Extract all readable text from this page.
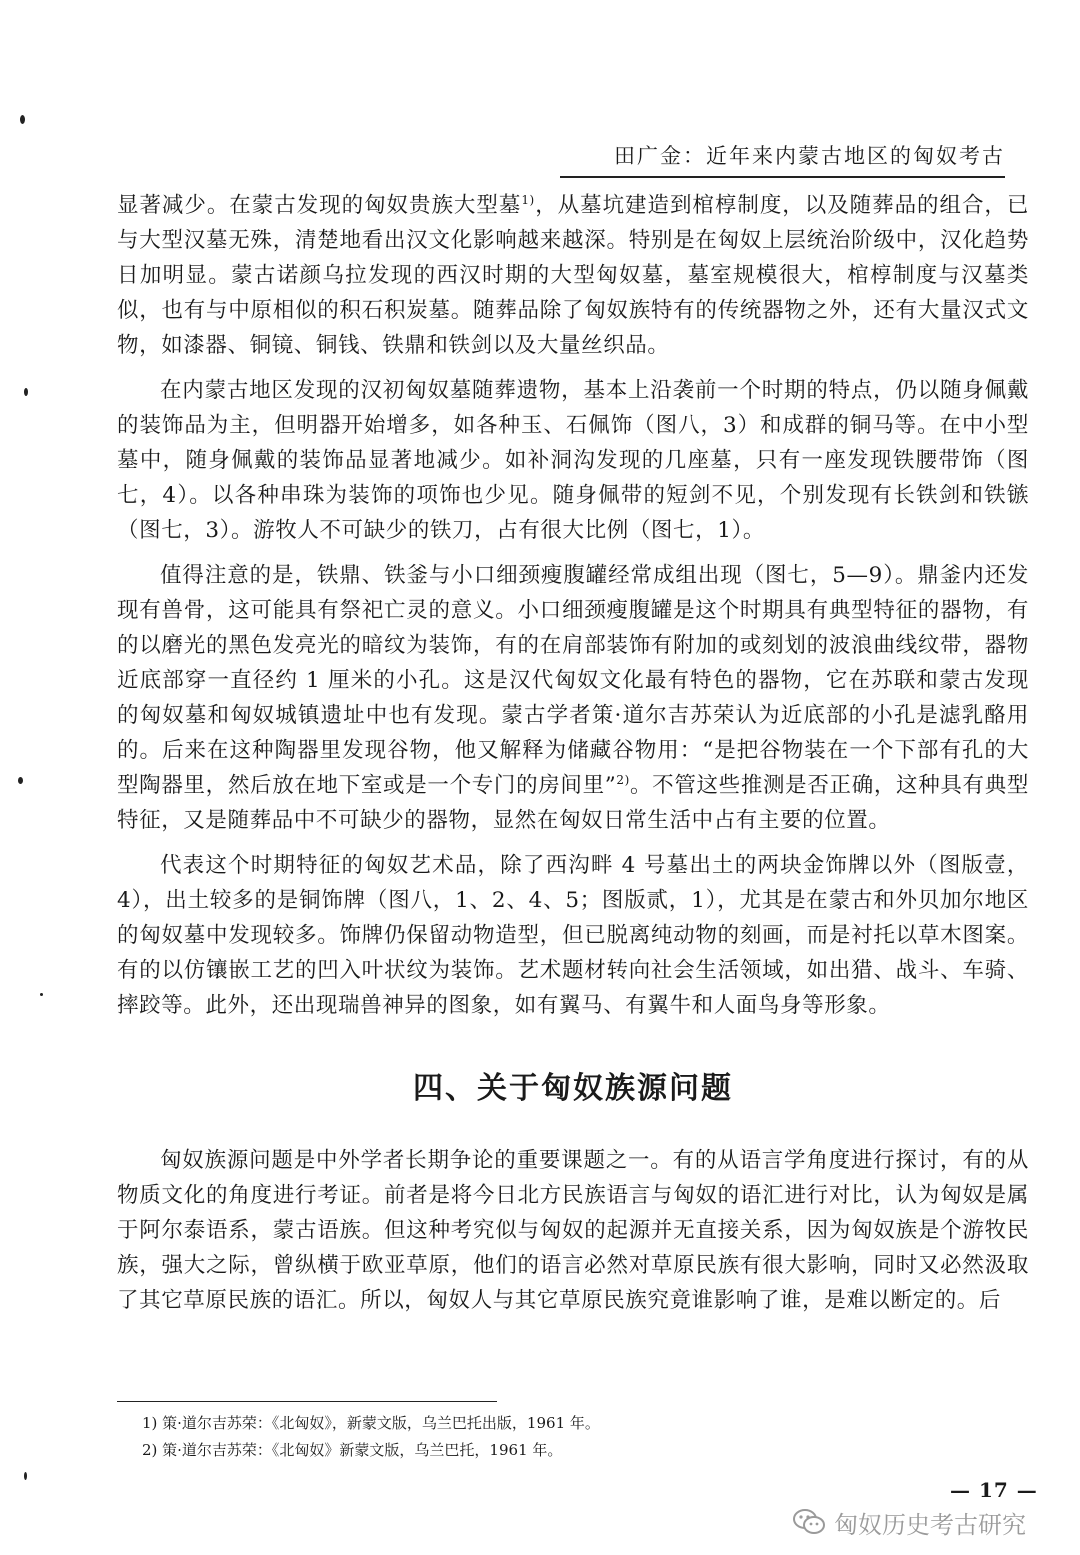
田广金：近年来内蒙古地区的匈奴考古

显著减少。在蒙古发现的匈奴贵族大型墓$^{1)}$，从墓坑建造到棺椁制度，以及随葬品的组合，已与大型汉墓无殊，清楚地看出汉文化影响越来越深。特别是在匈奴上层统治阶级中，汉化趋势日加明显。蒙古诺颜乌拉发现的西汉时期的大型匈奴墓，墓室规模很大，棺椁制度与汉墓类似，也有与中原相似的积石积炭墓。随葬品除了匈奴族特有的传统器物之外，还有大量汉式文物，如漆器、铜镜、铜钱、铁鼎和铁剑以及大量丝织品。

在内蒙古地区发现的汉初匈奴墓随葬遗物，基本上沿袭前一个时期的特点，仍以随身佩戴的装饰品为主，但明器开始增多，如各种玉、石佩饰（图八，3）和成群的铜马等。在中小型墓中，随身佩戴的装饰品显著地减少。如补洞沟发现的几座墓，只有一座发现铁腰带饰（图七，4）。以各种串珠为装饰的项饰也少见。随身佩带的短剑不见，个别发现有长铁剑和铁镞（图七，3）。游牧人不可缺少的铁刀，占有很大比例（图七，1）。

值得注意的是，铁鼎、铁釜与小口细颈瘦腹罐经常成组出现（图七，5—9）。鼎釜内还发现有兽骨，这可能具有祭祀亡灵的意义。小口细颈瘦腹罐是这个时期具有典型特征的器物，有的以磨光的黑色发亮光的暗纹为装饰，有的在肩部装饰有附加的或刻划的波浪曲线纹带，器物近底部穿一直径约 1 厘米的小孔。这是汉代匈奴文化最有特色的器物，它在苏联和蒙古发现的匈奴墓和匈奴城镇遗址中也有发现。蒙古学者策·道尔吉苏荣认为近底部的小孔是滤乳酪用的。后来在这种陶器里发现谷物，他又解释为储藏谷物用：“是把谷物装在一个下部有孔的大型陶器里，然后放在地下室或是一个专门的房间里”$^{2)}$。不管这些推测是否正确，这种具有典型特征，又是随葬品中不可缺少的器物，显然在匈奴日常生活中占有主要的位置。

代表这个时期特征的匈奴艺术品，除了西沟畔 4 号墓出土的两块金饰牌以外（图版壹，4），出土较多的是铜饰牌（图八，1、2、4、5；图版贰，1），尤其是在蒙古和外贝加尔地区的匈奴墓中发现较多。饰牌仍保留动物造型，但已脱离纯动物的刻画，而是衬托以草木图案。有的以仿镶嵌工艺的凹入叶状纹为装饰。艺术题材转向社会生活领域，如出猎、战斗、车骑、摔跤等。此外，还出现瑞兽神异的图象，如有翼马、有翼牛和人面鸟身等形象。

四、关于匈奴族源问题

匈奴族源问题是中外学者长期争论的重要课题之一。有的从语言学角度进行探讨，有的从物质文化的角度进行考证。前者是将今日北方民族语言与匈奴的语汇进行对比，认为匈奴是属于阿尔泰语系，蒙古语族。但这种考究似与匈奴的起源并无直接关系，因为匈奴族是个游牧民族，强大之际，曾纵横于欧亚草原，他们的语言必然对草原民族有很大影响，同时又必然汲取了其它草原民族的语汇。所以，匈奴人与其它草原民族究竟谁影响了谁，是难以断定的。后

1) 策·道尔吉苏荣：《北匈奴》，新蒙文版，乌兰巴托出版，1961 年。
2) 策·道尔吉苏荣：《北匈奴》新蒙文版，乌兰巴托，1961 年。
— 17 —
匈奴历史考古研究
